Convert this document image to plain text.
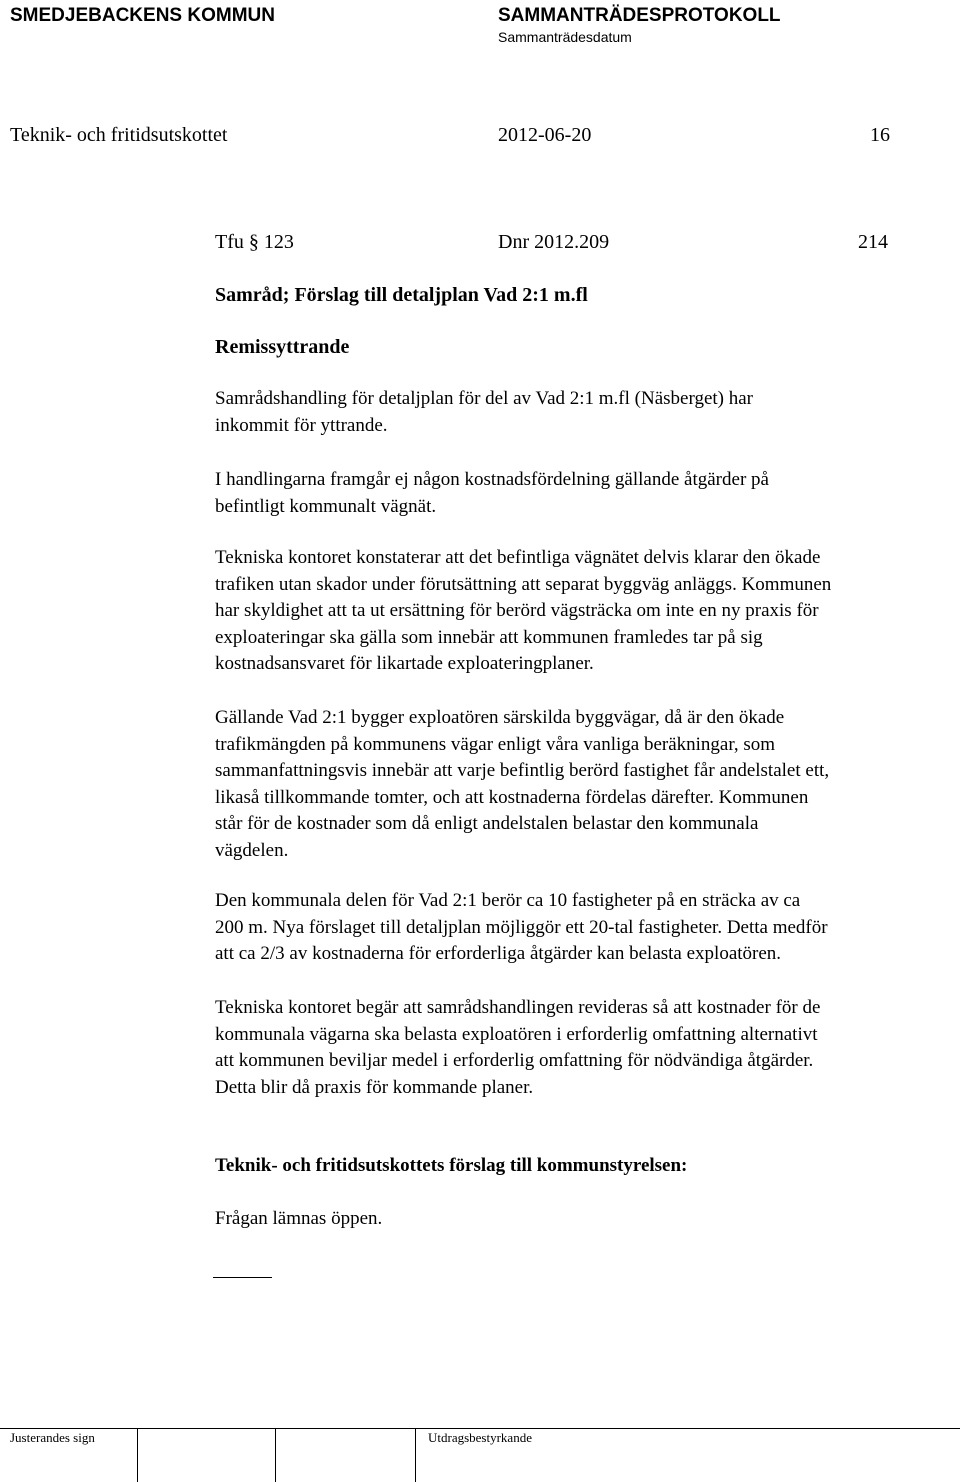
SMEDJEBACKENS KOMMUN	SAMMANTRÄDESPROTOKOLL
Sammanträdesdatum
Teknik- och fritidsutskottet	2012-06-20	16
Tfu § 123	Dnr 2012.209	214
Samråd; Förslag till detaljplan Vad 2:1 m.fl
Remissyttrande
Samrådshandling för detaljplan för del av Vad 2:1 m.fl (Näsberget) har
inkommit för yttrande.
I handlingarna framgår ej någon kostnadsfördelning gällande åtgärder på
befintligt kommunalt vägnät.
Tekniska kontoret konstaterar att det befintliga vägnätet delvis klarar den ökade
trafiken utan skador under förutsättning att separat byggväg anläggs. Kommunen
har skyldighet att ta ut ersättning för berörd vägsträcka om inte en ny praxis för
exploateringar ska gälla som innebär att kommunen framledes tar på sig
kostnadsansvaret för likartade exploateringplaner.
Gällande Vad 2:1 bygger exploatören särskilda byggvägar, då är den ökade
trafikmängden på kommunens vägar enligt våra vanliga beräkningar, som
sammanfattningsvis innebär att varje befintlig berörd fastighet får andelstalet ett,
likaså tillkommande tomter, och att kostnaderna fördelas därefter. Kommunen
står för de kostnader som då enligt andelstalen belastar den kommunala
vägdelen.
Den kommunala delen för Vad 2:1 berör ca 10 fastigheter på en sträcka av ca
200 m. Nya förslaget till detaljplan möjliggör ett 20-tal fastigheter. Detta medför
att ca 2/3 av kostnaderna för erforderliga åtgärder kan belasta exploatören.
Tekniska kontoret begär att samrådshandlingen revideras så att kostnader för de
kommunala vägarna ska belasta exploatören i erforderlig omfattning alternativt
att kommunen beviljar medel i erforderlig omfattning för nödvändiga åtgärder.
Detta blir då praxis för kommande planer.
Teknik- och fritidsutskottets förslag till kommunstyrelsen:
Frågan lämnas öppen.
Justerandes sign	Utdragsbestyrkande
